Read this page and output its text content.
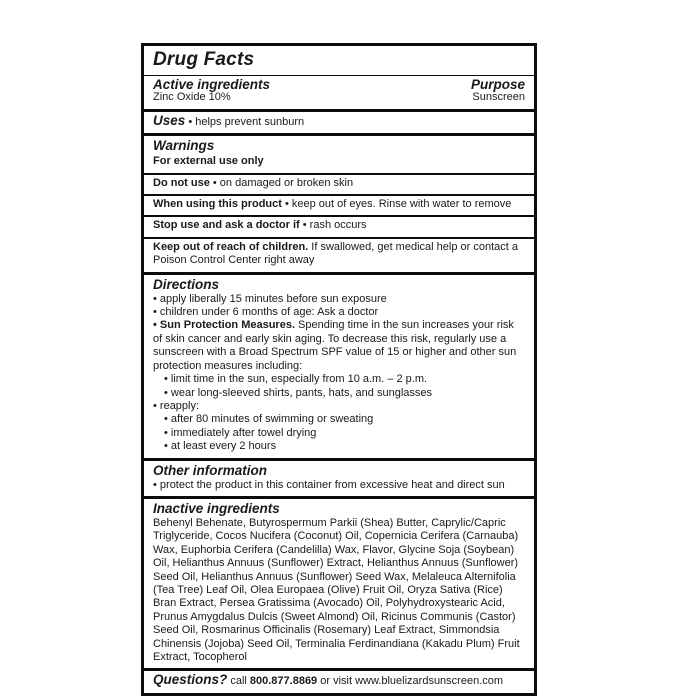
Drug Facts
Active ingredients	Purpose
Zinc Oxide 10%	Sunscreen
Uses • helps prevent sunburn
Warnings
For external use only
Do not use • on damaged or broken skin
When using this product • keep out of eyes. Rinse with water to remove
Stop use and ask a doctor if • rash occurs
Keep out of reach of children. If swallowed, get medical help or contact a Poison Control Center right away
Directions
• apply liberally 15 minutes before sun exposure
• children under 6 months of age: Ask a doctor
• Sun Protection Measures. Spending time in the sun increases your risk of skin cancer and early skin aging. To decrease this risk, regularly use a sunscreen with a Broad Spectrum SPF value of 15 or higher and other sun protection measures including:
• limit time in the sun, especially from 10 a.m. – 2 p.m.
• wear long-sleeved shirts, pants, hats, and sunglasses
• reapply:
• after 80 minutes of swimming or sweating
• immediately after towel drying
• at least every 2 hours
Other information
• protect the product in this container from excessive heat and direct sun
Inactive ingredients
Behenyl Behenate, Butyrospermum Parkii (Shea) Butter, Caprylic/Capric Triglyceride, Cocos Nucifera (Coconut) Oil, Copernicia Cerifera (Carnauba) Wax, Euphorbia Cerifera (Candelilla) Wax, Flavor, Glycine Soja (Soybean) Oil, Helianthus Annuus (Sunflower) Extract, Helianthus Annuus (Sunflower) Seed Oil, Helianthus Annuus (Sunflower) Seed Wax, Melaleuca Alternifolia (Tea Tree) Leaf Oil, Olea Europaea (Olive) Fruit Oil, Oryza Sativa (Rice) Bran Extract, Persea Gratissima (Avocado) Oil, Polyhydroxystearic Acid, Prunus Amygdalus Dulcis (Sweet Almond) Oil, Ricinus Communis (Castor) Seed Oil, Rosmarinus Officinalis (Rosemary) Leaf Extract, Simmondsia Chinensis (Jojoba) Seed Oil, Terminalia Ferdinandiana (Kakadu Plum) Fruit Extract, Tocopherol
Questions? call 800.877.8869 or visit www.bluelizardsunscreen.com
